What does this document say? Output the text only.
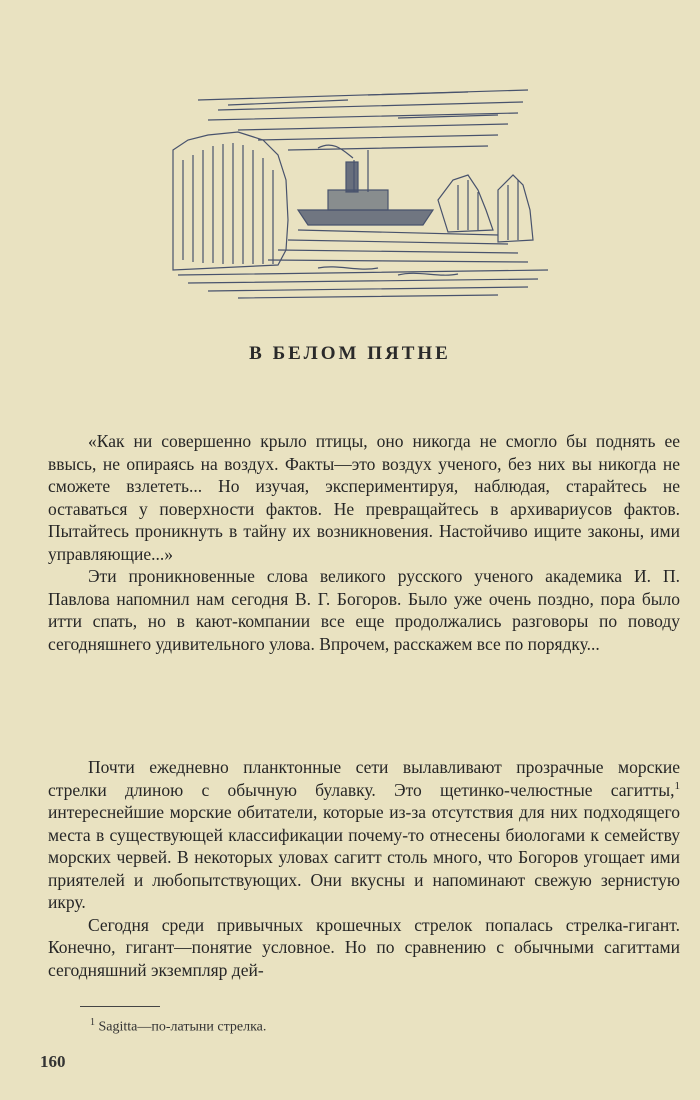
В БЕЛОМ ПЯТНЕ

«Как ни совершенно крыло птицы, оно никогда не смогло бы поднять ее ввысь, не опираясь на воздух. Факты—это воздух ученого, без них вы никогда не сможете взлететь... Но изучая, экспериментируя, наблюдая, старайтесь не оставаться у поверхности фактов. Не превращайтесь в архивариусов фактов. Пытайтесь проникнуть в тайну их возникновения. Настойчиво ищите законы, ими управляющие...»

Эти проникновенные слова великого русского ученого академика И. П. Павлова напомнил нам сегодня В. Г. Богоров. Было уже очень поздно, пора было итти спать, но в кают-компании все еще продолжались разговоры по поводу сегодняшнего удивительного улова. Впрочем, расскажем все по порядку...

Почти ежедневно планктонные сети вылавливают прозрачные морские стрелки длиною с обычную булавку. Это щетинко-челюстные сагитты,$^1$ интереснейшие морские обитатели, которые из-за отсутствия для них подходящего места в существующей классификации почему-то отнесены биологами к семейству морских червей. В некоторых уловах сагитт столь много, что Богоров угощает ими приятелей и любопытствующих. Они вкусны и напоминают свежую зернистую икру.

Сегодня среди привычных крошечных стрелок попалась стрелка-гигант. Конечно, гигант—понятие условное. Но по сравнению с обычными сагиттами сегодняшний экземпляр дей-

$^1$ Sagitta—по-латыни стрелка.
160
